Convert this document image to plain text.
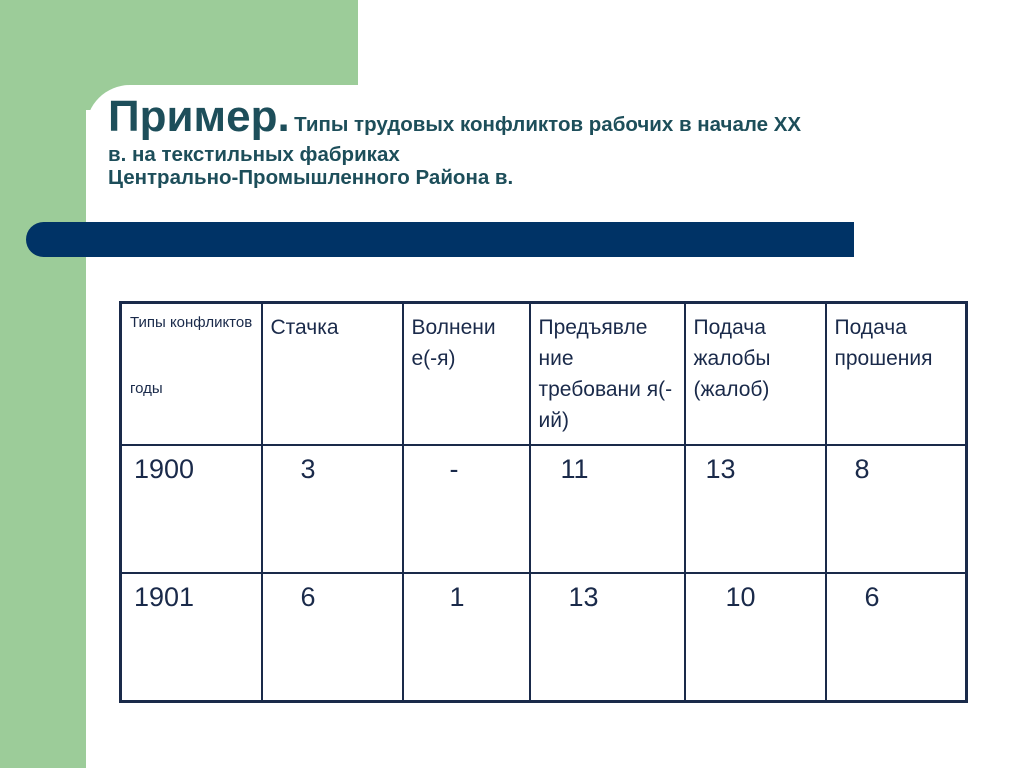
Пример. Типы трудовых конфликтов рабочих в начале XX
в. на текстильных фабриках
Центрально-Промышленного Района в.
Типы конфликтов
годы	Стачка	Волнени е(-я)	Предъявле ние требовани я(-ий)	Подача жалобы (жалоб)	Подача прошения
1900	3	-	11	13	8
1901	6	1	13	10	6
